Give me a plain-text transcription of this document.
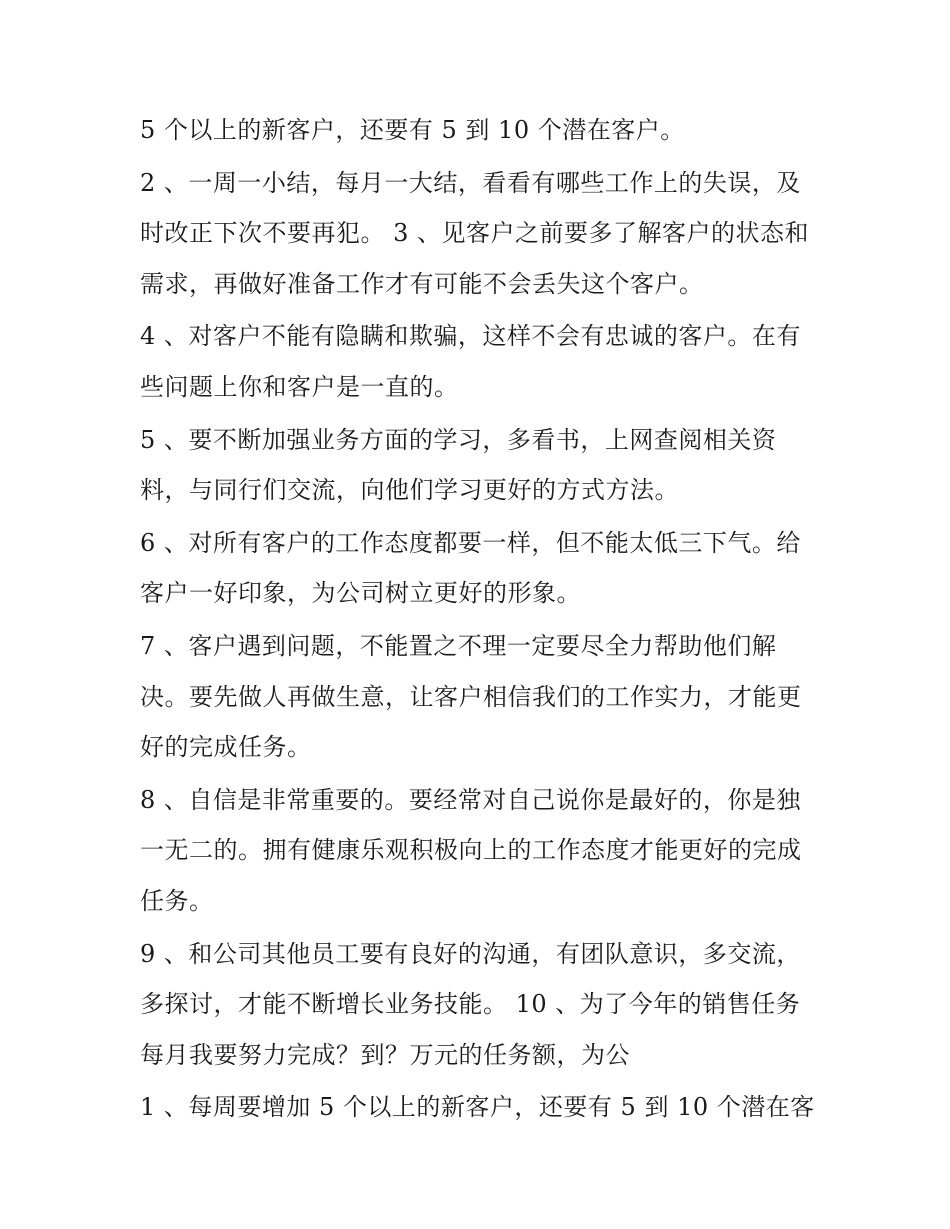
5 个以上的新客户，还要有 5 到 10 个潜在客户。

2 、一周一小结，每月一大结，看看有哪些工作上的失误，及时改正下次不要再犯。 3 、见客户之前要多了解客户的状态和需求，再做好准备工作才有可能不会丢失这个客户。

4 、对客户不能有隐瞒和欺骗，这样不会有忠诚的客户。在有些问题上你和客户是一直的。

5 、要不断加强业务方面的学习，多看书，上网查阅相关资料，与同行们交流，向他们学习更好的方式方法。

6 、对所有客户的工作态度都要一样，但不能太低三下气。给客户一好印象，为公司树立更好的形象。

7 、客户遇到问题，不能置之不理一定要尽全力帮助他们解决。要先做人再做生意，让客户相信我们的工作实力，才能更好的完成任务。

8 、自信是非常重要的。要经常对自己说你是最好的，你是独一无二的。拥有健康乐观积极向上的工作态度才能更好的完成任务。

9 、和公司其他员工要有良好的沟通，有团队意识，多交流，多探讨，才能不断增长业务技能。 10 、为了今年的销售任务每月我要努力完成？到？万元的任务额，为公

1 、每周要增加 5 个以上的新客户，还要有 5 到 10 个潜在客
